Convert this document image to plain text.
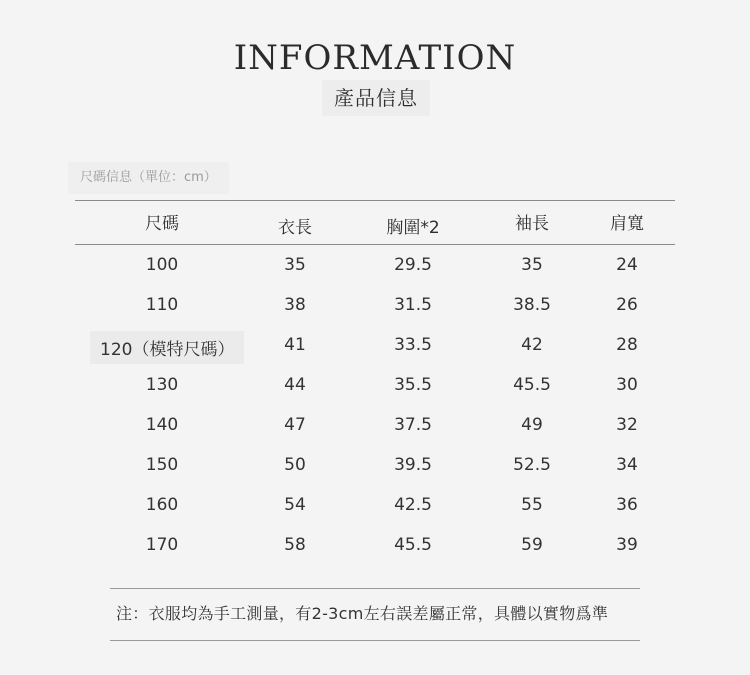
INFORMATION
產品信息
尺碼信息（單位：cm）
尺碼	衣長	胸圍*2	袖長	肩寬
100	35	29.5	35	24
110	38	31.5	38.5	26
120（模特尺碼）	41	33.5	42	28
130	44	35.5	45.5	30
140	47	37.5	49	32
150	50	39.5	52.5	34
160	54	42.5	55	36
170	58	45.5	59	39
注：衣服均為手工測量，有2-3cm左右誤差屬正常，具體以實物爲準
